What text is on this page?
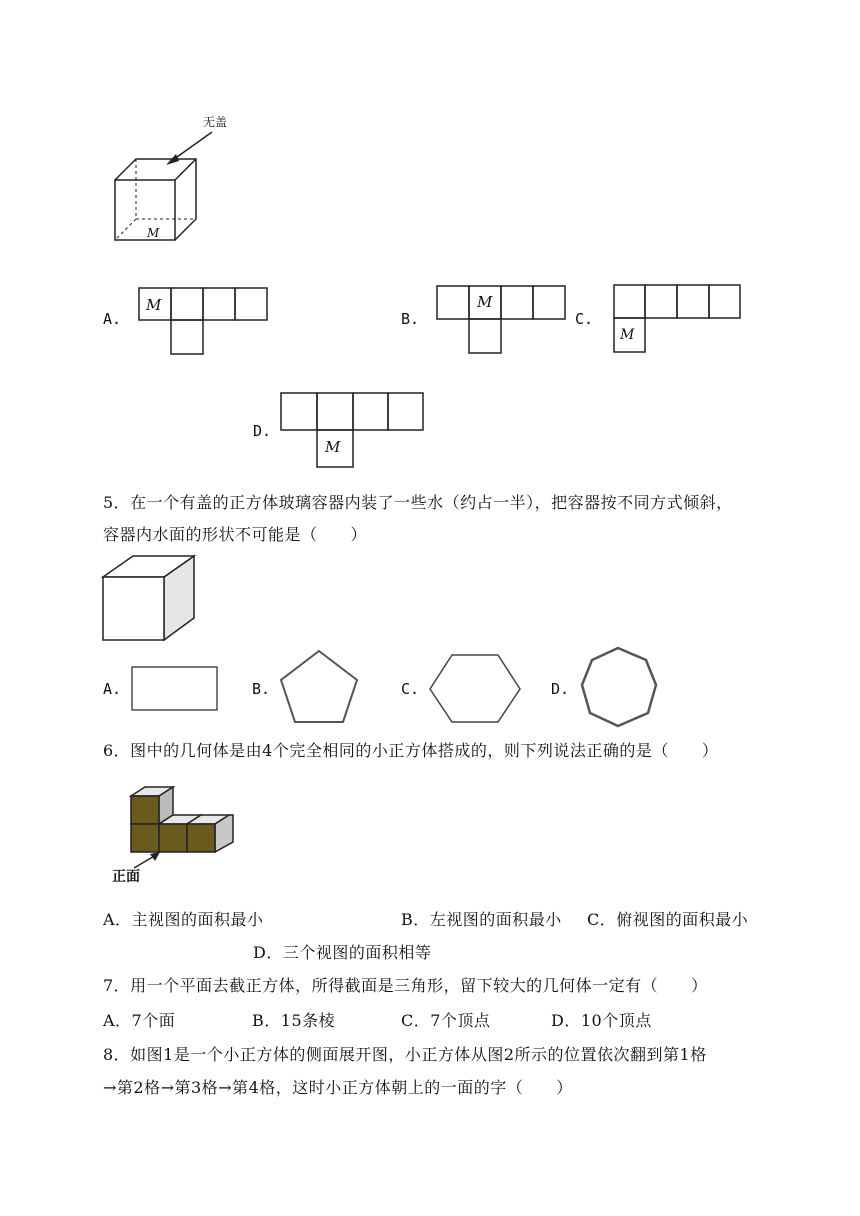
无盖
M
A.	B.	C.
D.
M	M
M
M
5．在一个有盖的正方体玻璃容器内装了一些水（约占一半），把容器按不同方式倾斜，
容器内水面的形状不可能是（　　）
A.	B.	C.	D.
6．图中的几何体是由4个完全相同的小正方体搭成的，则下列说法正确的是（　　）
正面
A．主视图的面积最小	B．左视图的面积最小 C．俯视图的面积最小
D．三个视图的面积相等
7．用一个平面去截正方体，所得截面是三角形，留下较大的几何体一定有（　　）
A．7个面	B．15条棱	C．7个顶点	D．10个顶点
8．如图1是一个小正方体的侧面展开图，小正方体从图2所示的位置依次翻到第1格
→第2格→第3格→第4格，这时小正方体朝上的一面的字（　　）
